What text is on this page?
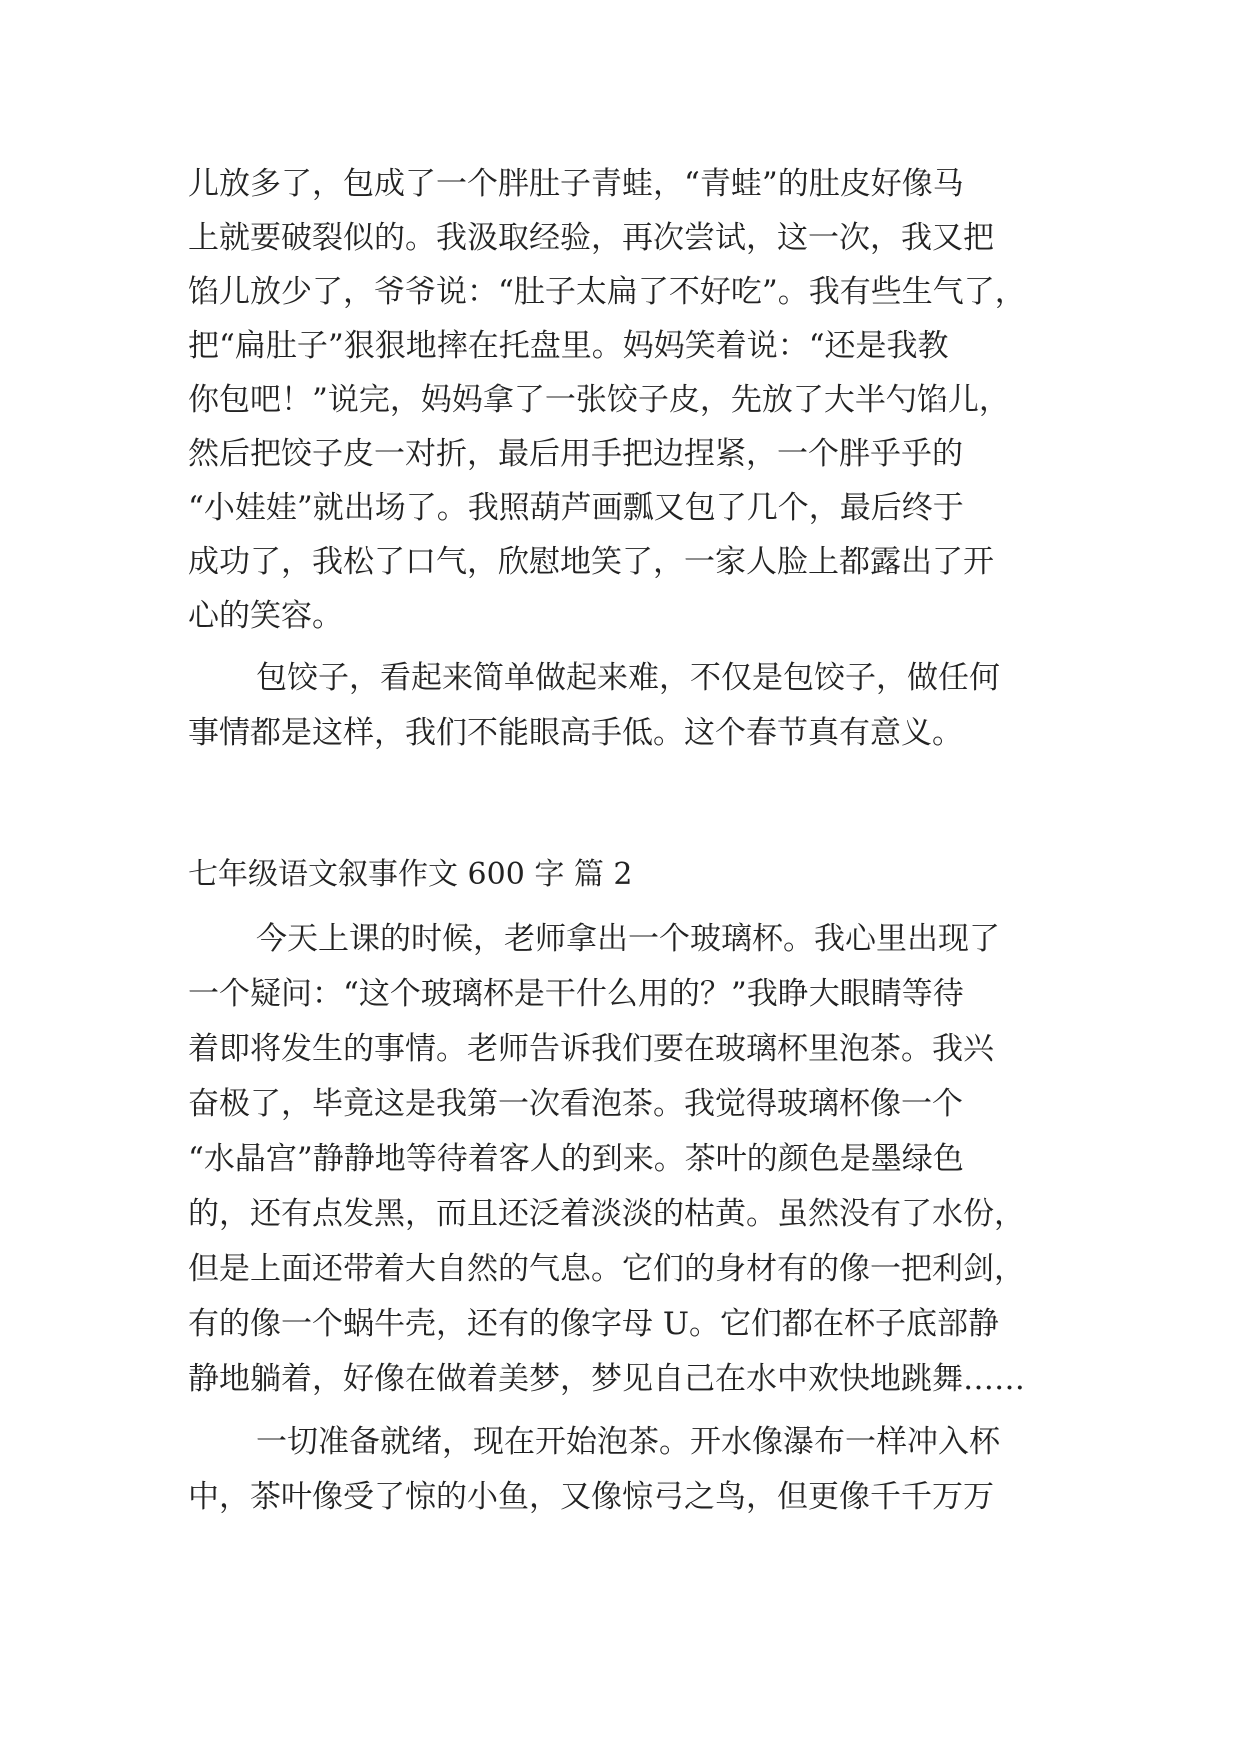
儿放多了，包成了一个胖肚子青蛙，“青蛙”的肚皮好像马
上就要破裂似的。我汲取经验，再次尝试，这一次，我又把
馅儿放少了，爷爷说：“肚子太扁了不好吃”。我有些生气了，
把“扁肚子”狠狠地摔在托盘里。妈妈笑着说：“还是我教
你包吧！”说完，妈妈拿了一张饺子皮，先放了大半勺馅儿，
然后把饺子皮一对折，最后用手把边捏紧，一个胖乎乎的
“小娃娃”就出场了。我照葫芦画瓢又包了几个，最后终于
成功了，我松了口气，欣慰地笑了，一家人脸上都露出了开
心的笑容。
包饺子，看起来简单做起来难，不仅是包饺子，做任何
事情都是这样，我们不能眼高手低。这个春节真有意义。
七年级语文叙事作文 600 字 篇 2
今天上课的时候，老师拿出一个玻璃杯。我心里出现了
一个疑问：“这个玻璃杯是干什么用的？”我睁大眼睛等待
着即将发生的事情。老师告诉我们要在玻璃杯里泡茶。我兴
奋极了，毕竟这是我第一次看泡茶。我觉得玻璃杯像一个
“水晶宫”静静地等待着客人的到来。茶叶的颜色是墨绿色
的，还有点发黑，而且还泛着淡淡的枯黄。虽然没有了水份，
但是上面还带着大自然的气息。它们的身材有的像一把利剑，
有的像一个蜗牛壳，还有的像字母 U。它们都在杯子底部静
静地躺着，好像在做着美梦，梦见自己在水中欢快地跳舞……
一切准备就绪，现在开始泡茶。开水像瀑布一样冲入杯
中，茶叶像受了惊的小鱼，又像惊弓之鸟，但更像千千万万
